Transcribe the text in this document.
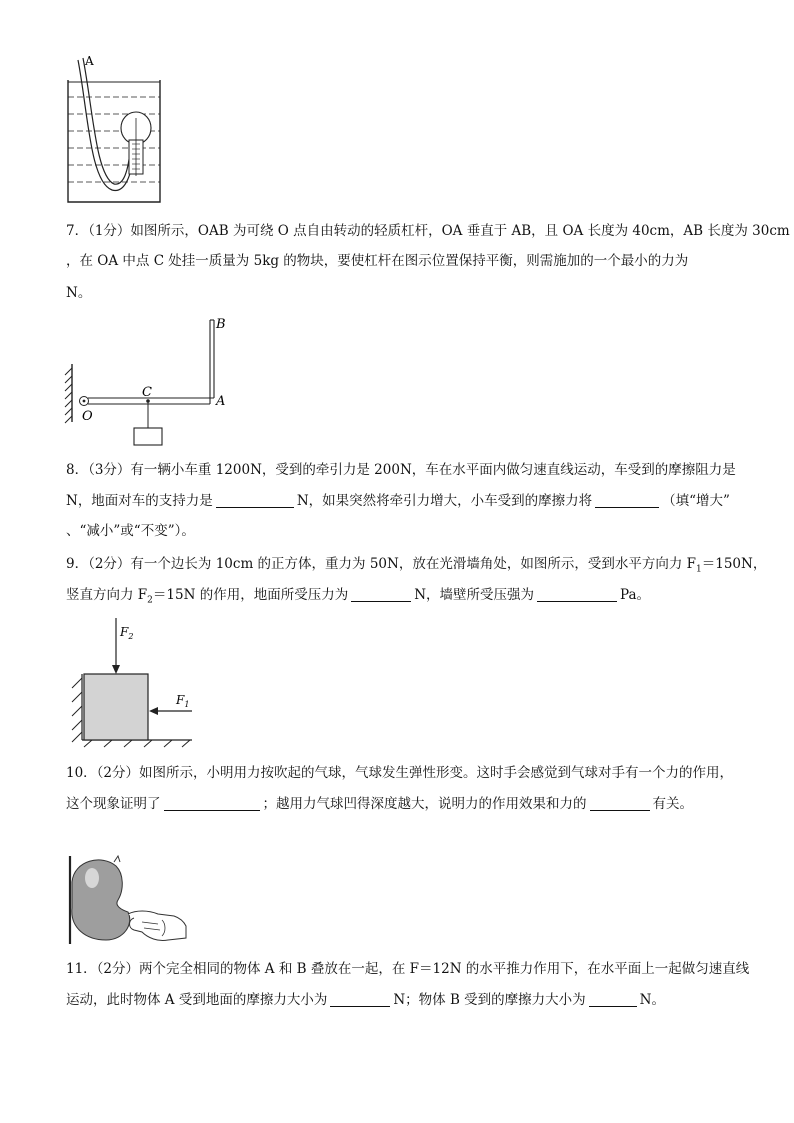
A
7．（1分）如图所示，OAB 为可绕 O 点自由转动的轻质杠杆，OA 垂直于 AB，且 OA 长度为 40cm，AB 长度为 30cm
，在 OA 中点 C 处挂一质量为 5kg 的物块，要使杠杆在图示位置保持平衡，则需施加的一个最小的力为
N。
B
C
A
O
8．（3分）有一辆小车重 1200N，受到的牵引力是 200N，车在水平面内做匀速直线运动，车受到的摩擦阻力是
N，地面对车的支持力是	N，如果突然将牵引力增大，小车受到的摩擦力将	（填“增大”
、“减小”或“不变”）。
9．（2分）有一个边长为 10cm 的正方体，重力为 50N，放在光滑墙角处，如图所示，受到水平方向力 $F_1=150N$，
竖直方向力 $F_2=15N$ 的作用，地面所受压力为	N，墙壁所受压强为	Pa。
$F_2$
$F_1$
10．（2分）如图所示，小明用力按吹起的气球，气球发生弹性形变。这时手会感觉到气球对手有一个力的作用，
这个现象证明了	；越用力气球凹得深度越大，说明力的作用效果和力的	有关。
11．（2分）两个完全相同的物体 A 和 B 叠放在一起，在 F＝12N 的水平推力作用下，在水平面上一起做匀速直线
运动，此时物体 A 受到地面的摩擦力大小为	N；物体 B 受到的摩擦力大小为	N。
